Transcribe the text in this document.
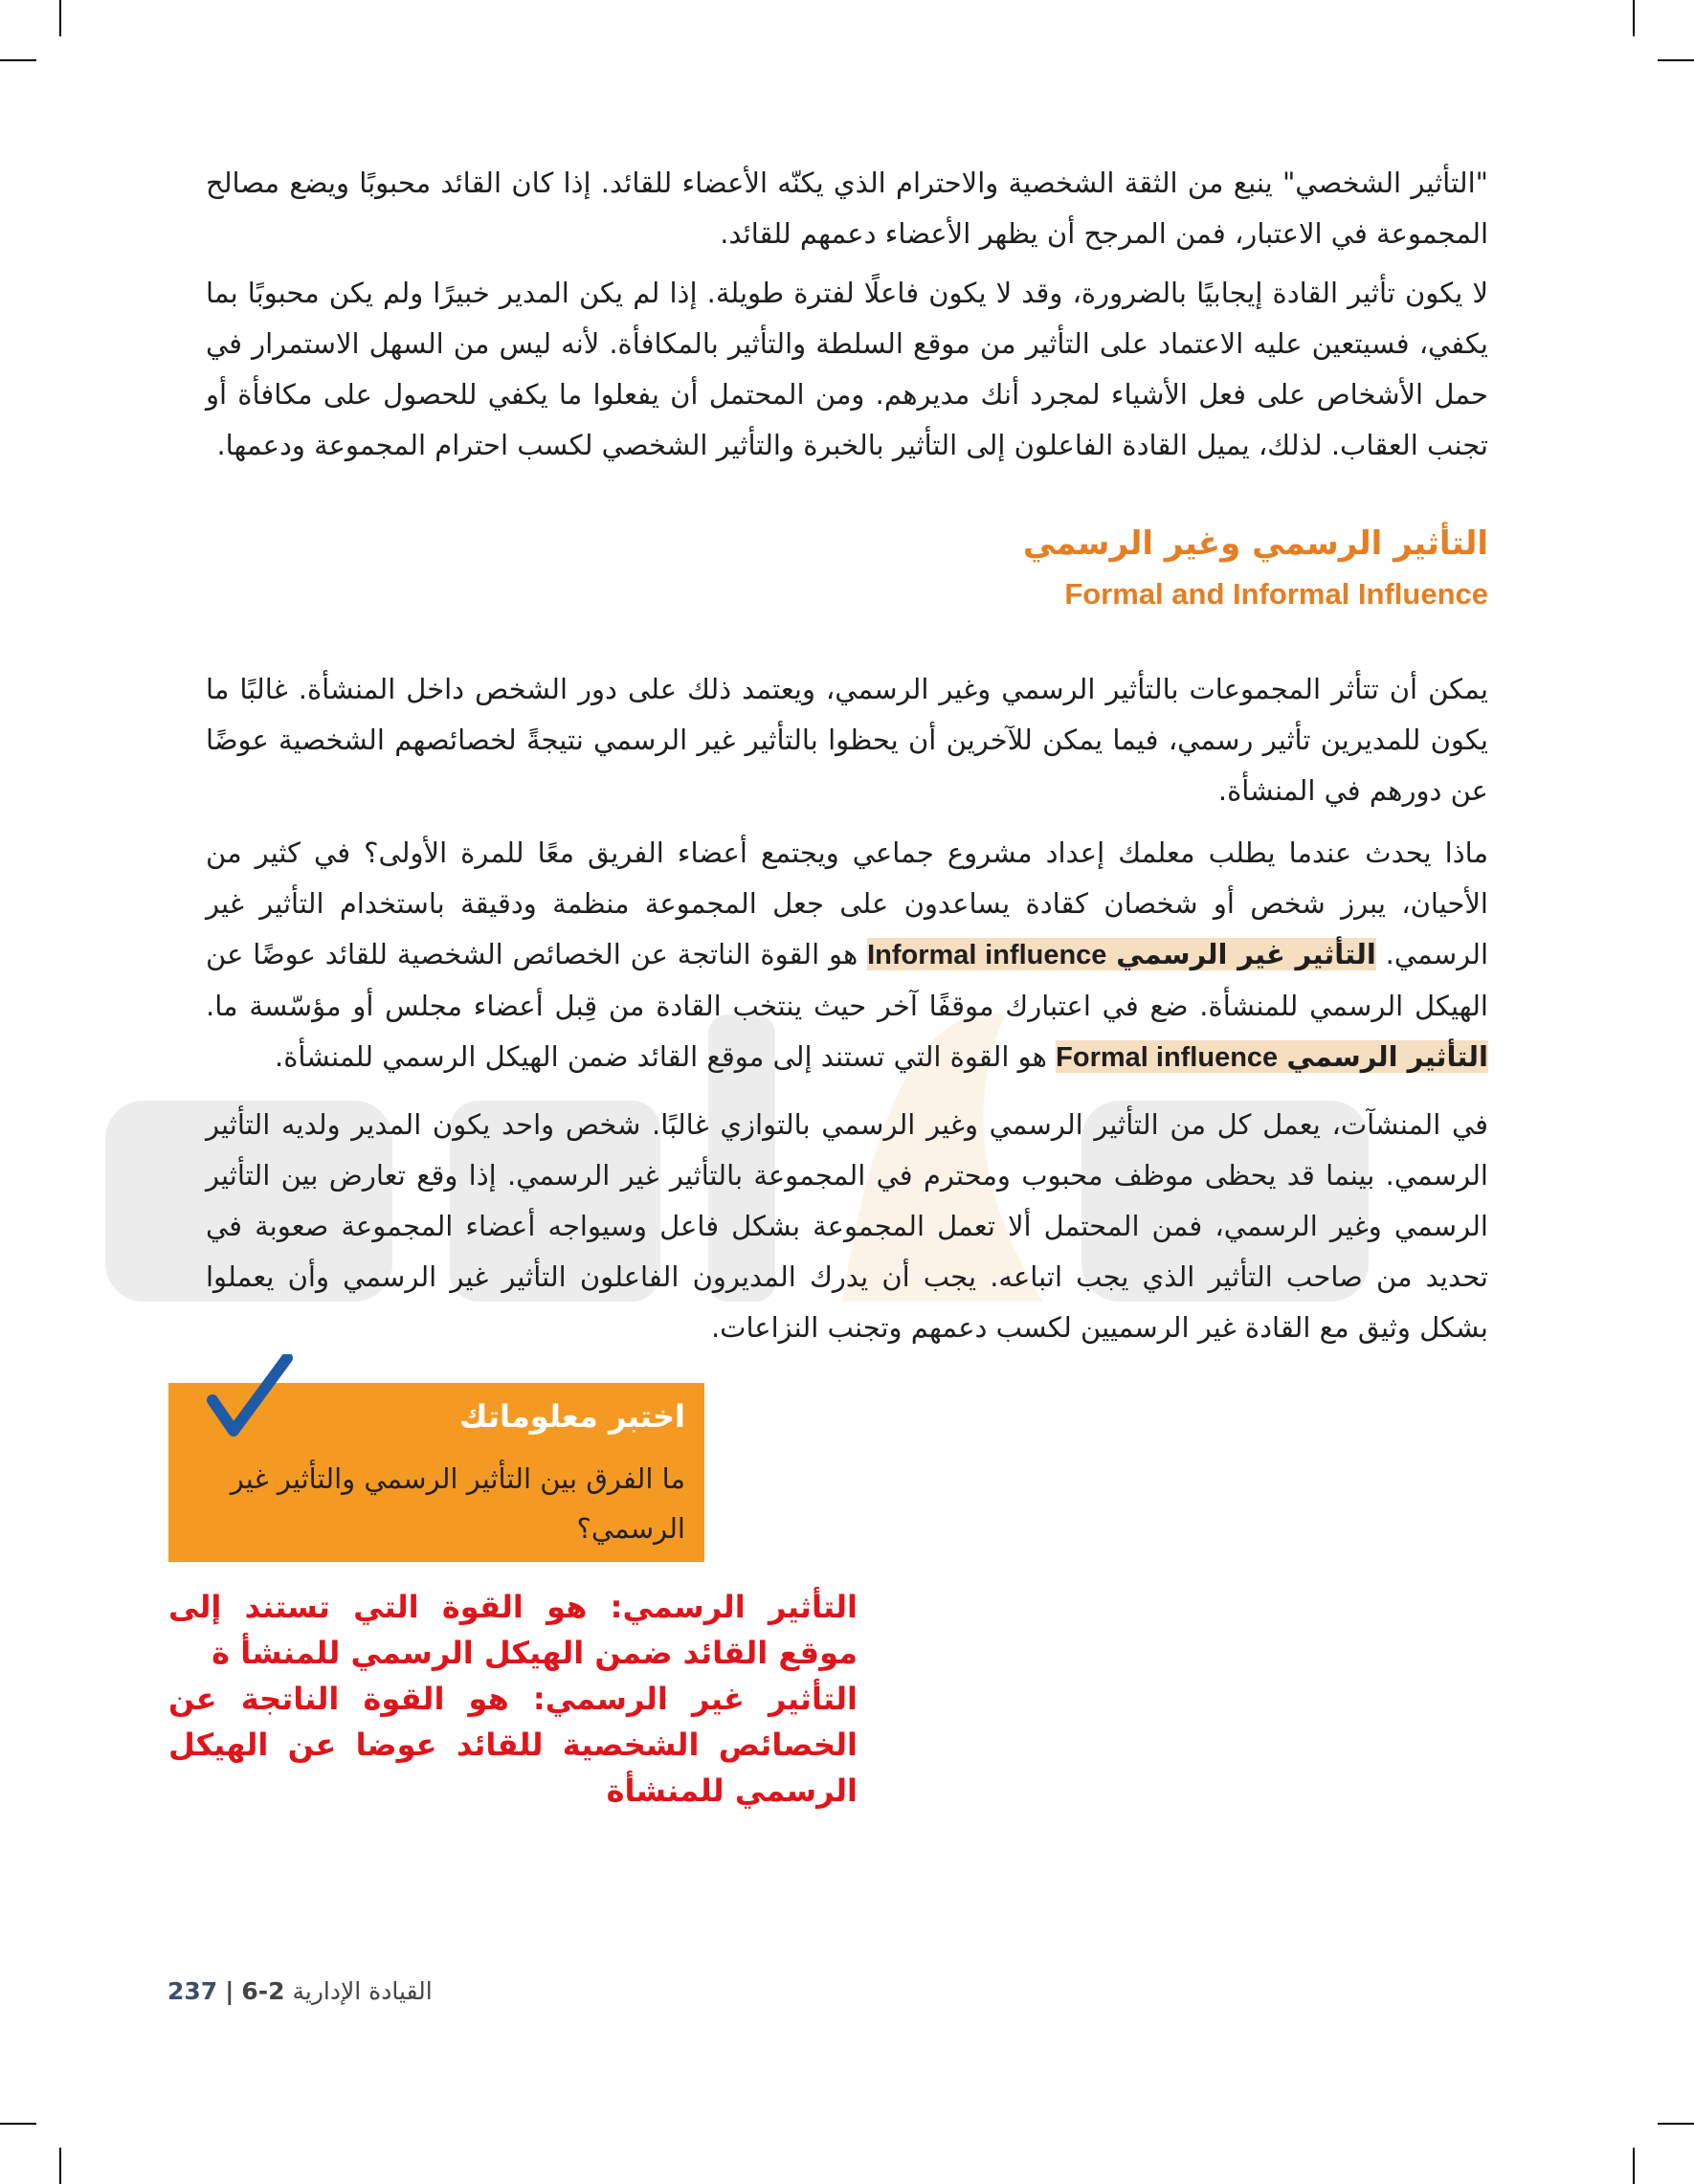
"التأثير الشخصي" ينبع من الثقة الشخصية والاحترام الذي يكنّه الأعضاء للقائد. إذا كان القائد محبوبًا ويضع مصالح المجموعة في الاعتبار، فمن المرجح أن يظهر الأعضاء دعمهم للقائد.

لا يكون تأثير القادة إيجابيًا بالضرورة، وقد لا يكون فاعلًا لفترة طويلة. إذا لم يكن المدير خبيرًا ولم يكن محبوبًا بما يكفي، فسيتعين عليه الاعتماد على التأثير من موقع السلطة والتأثير بالمكافأة. لأنه ليس من السهل الاستمرار في حمل الأشخاص على فعل الأشياء لمجرد أنك مديرهم. ومن المحتمل أن يفعلوا ما يكفي للحصول على مكافأة أو تجنب العقاب. لذلك، يميل القادة الفاعلون إلى التأثير بالخبرة والتأثير الشخصي لكسب احترام المجموعة ودعمها.

التأثير الرسمي وغير الرسمي
Formal and Informal Influence

يمكن أن تتأثر المجموعات بالتأثير الرسمي وغير الرسمي، ويعتمد ذلك على دور الشخص داخل المنشأة. غالبًا ما يكون للمديرين تأثير رسمي، فيما يمكن للآخرين أن يحظوا بالتأثير غير الرسمي نتيجةً لخصائصهم الشخصية عوضًا عن دورهم في المنشأة.

ماذا يحدث عندما يطلب معلمك إعداد مشروع جماعي ويجتمع أعضاء الفريق معًا للمرة الأولى؟ في كثير من الأحيان، يبرز شخص أو شخصان كقادة يساعدون على جعل المجموعة منظمة ودقيقة باستخدام التأثير غير الرسمي. التأثير غير الرسمي Informal influence هو القوة الناتجة عن الخصائص الشخصية للقائد عوضًا عن الهيكل الرسمي للمنشأة. ضع في اعتبارك موقفًا آخر حيث ينتخب القادة من قِبل أعضاء مجلس أو مؤسّسة ما. التأثير الرسمي Formal influence هو القوة التي تستند إلى موقع القائد ضمن الهيكل الرسمي للمنشأة.

في المنشآت، يعمل كل من التأثير الرسمي وغير الرسمي بالتوازي غالبًا. شخص واحد يكون المدير ولديه التأثير الرسمي. بينما قد يحظى موظف محبوب ومحترم في المجموعة بالتأثير غير الرسمي. إذا وقع تعارض بين التأثير الرسمي وغير الرسمي، فمن المحتمل ألا تعمل المجموعة بشكل فاعل وسيواجه أعضاء المجموعة صعوبة في تحديد من صاحب التأثير الذي يجب اتباعه. يجب أن يدرك المديرون الفاعلون التأثير غير الرسمي وأن يعملوا بشكل وثيق مع القادة غير الرسميين لكسب دعمهم وتجنب النزاعات.

اختبر معلوماتك
ما الفرق بين التأثير الرسمي والتأثير غير الرسمي؟
التأثير الرسمي: هو القوة التي تستند إلى موقع القائد ضمن الهيكل الرسمي للمنشأ ة
التأثير غير الرسمي: هو القوة الناتجة عن الخصائص الشخصية للقائد عوضا عن الهيكل الرسمي للمنشأة
237 | القيادة الإدارية 2-6
